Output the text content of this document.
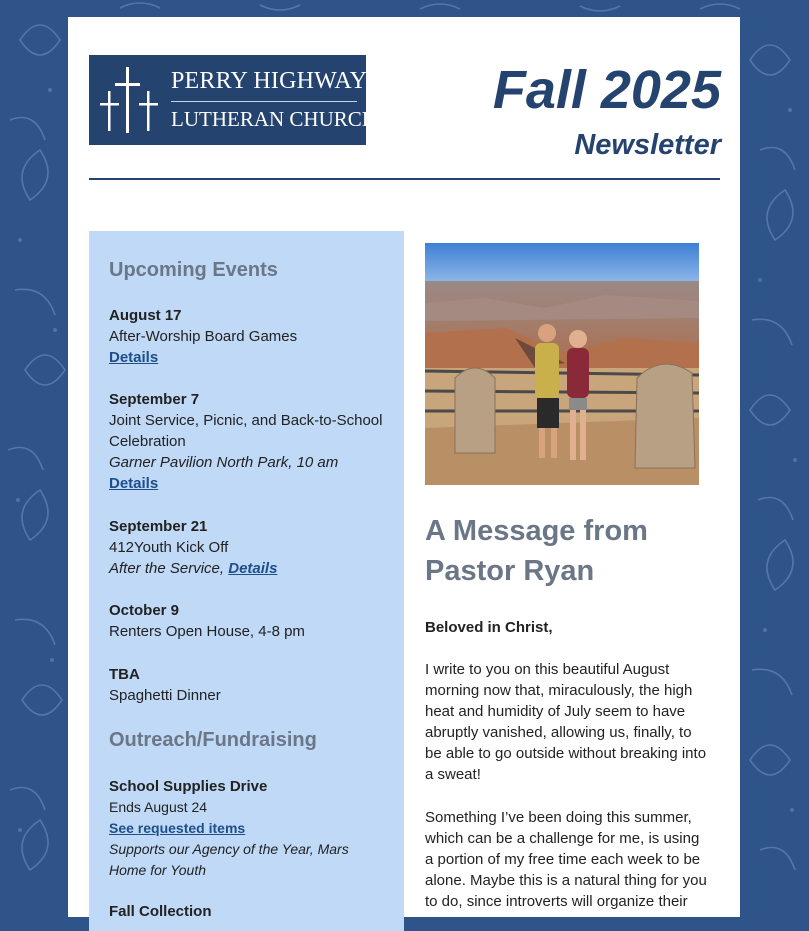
PERRY HIGHWAY
LUTHERAN CHURCH Fall 2025
Newsletter
Upcoming Events
August 17
After-Worship Board Games
Details
September 7
Joint Service, Picnic, and Back-to-School Celebration
Garner Pavilion North Park, 10 am
Details
September 21
412Youth Kick Off
After the Service, Details
October 9
Renters Open House, 4-8 pm
TBA
Spaghetti Dinner
Outreach/Fundraising
School Supplies Drive
Ends August 24
See requested items
Supports our Agency of the Year, Mars Home for Youth
Fall Collection
A Message from Pastor Ryan
Beloved in Christ,
I write to you on this beautiful August morning now that, miraculously, the high heat and humidity of July seem to have abruptly vanished, allowing us, finally, to be able to go outside without breaking into a sweat!
Something I’ve been doing this summer, which can be a challenge for me, is using a portion of my free time each week to be alone. Maybe this is a natural thing for you to do, since introverts will organize their
